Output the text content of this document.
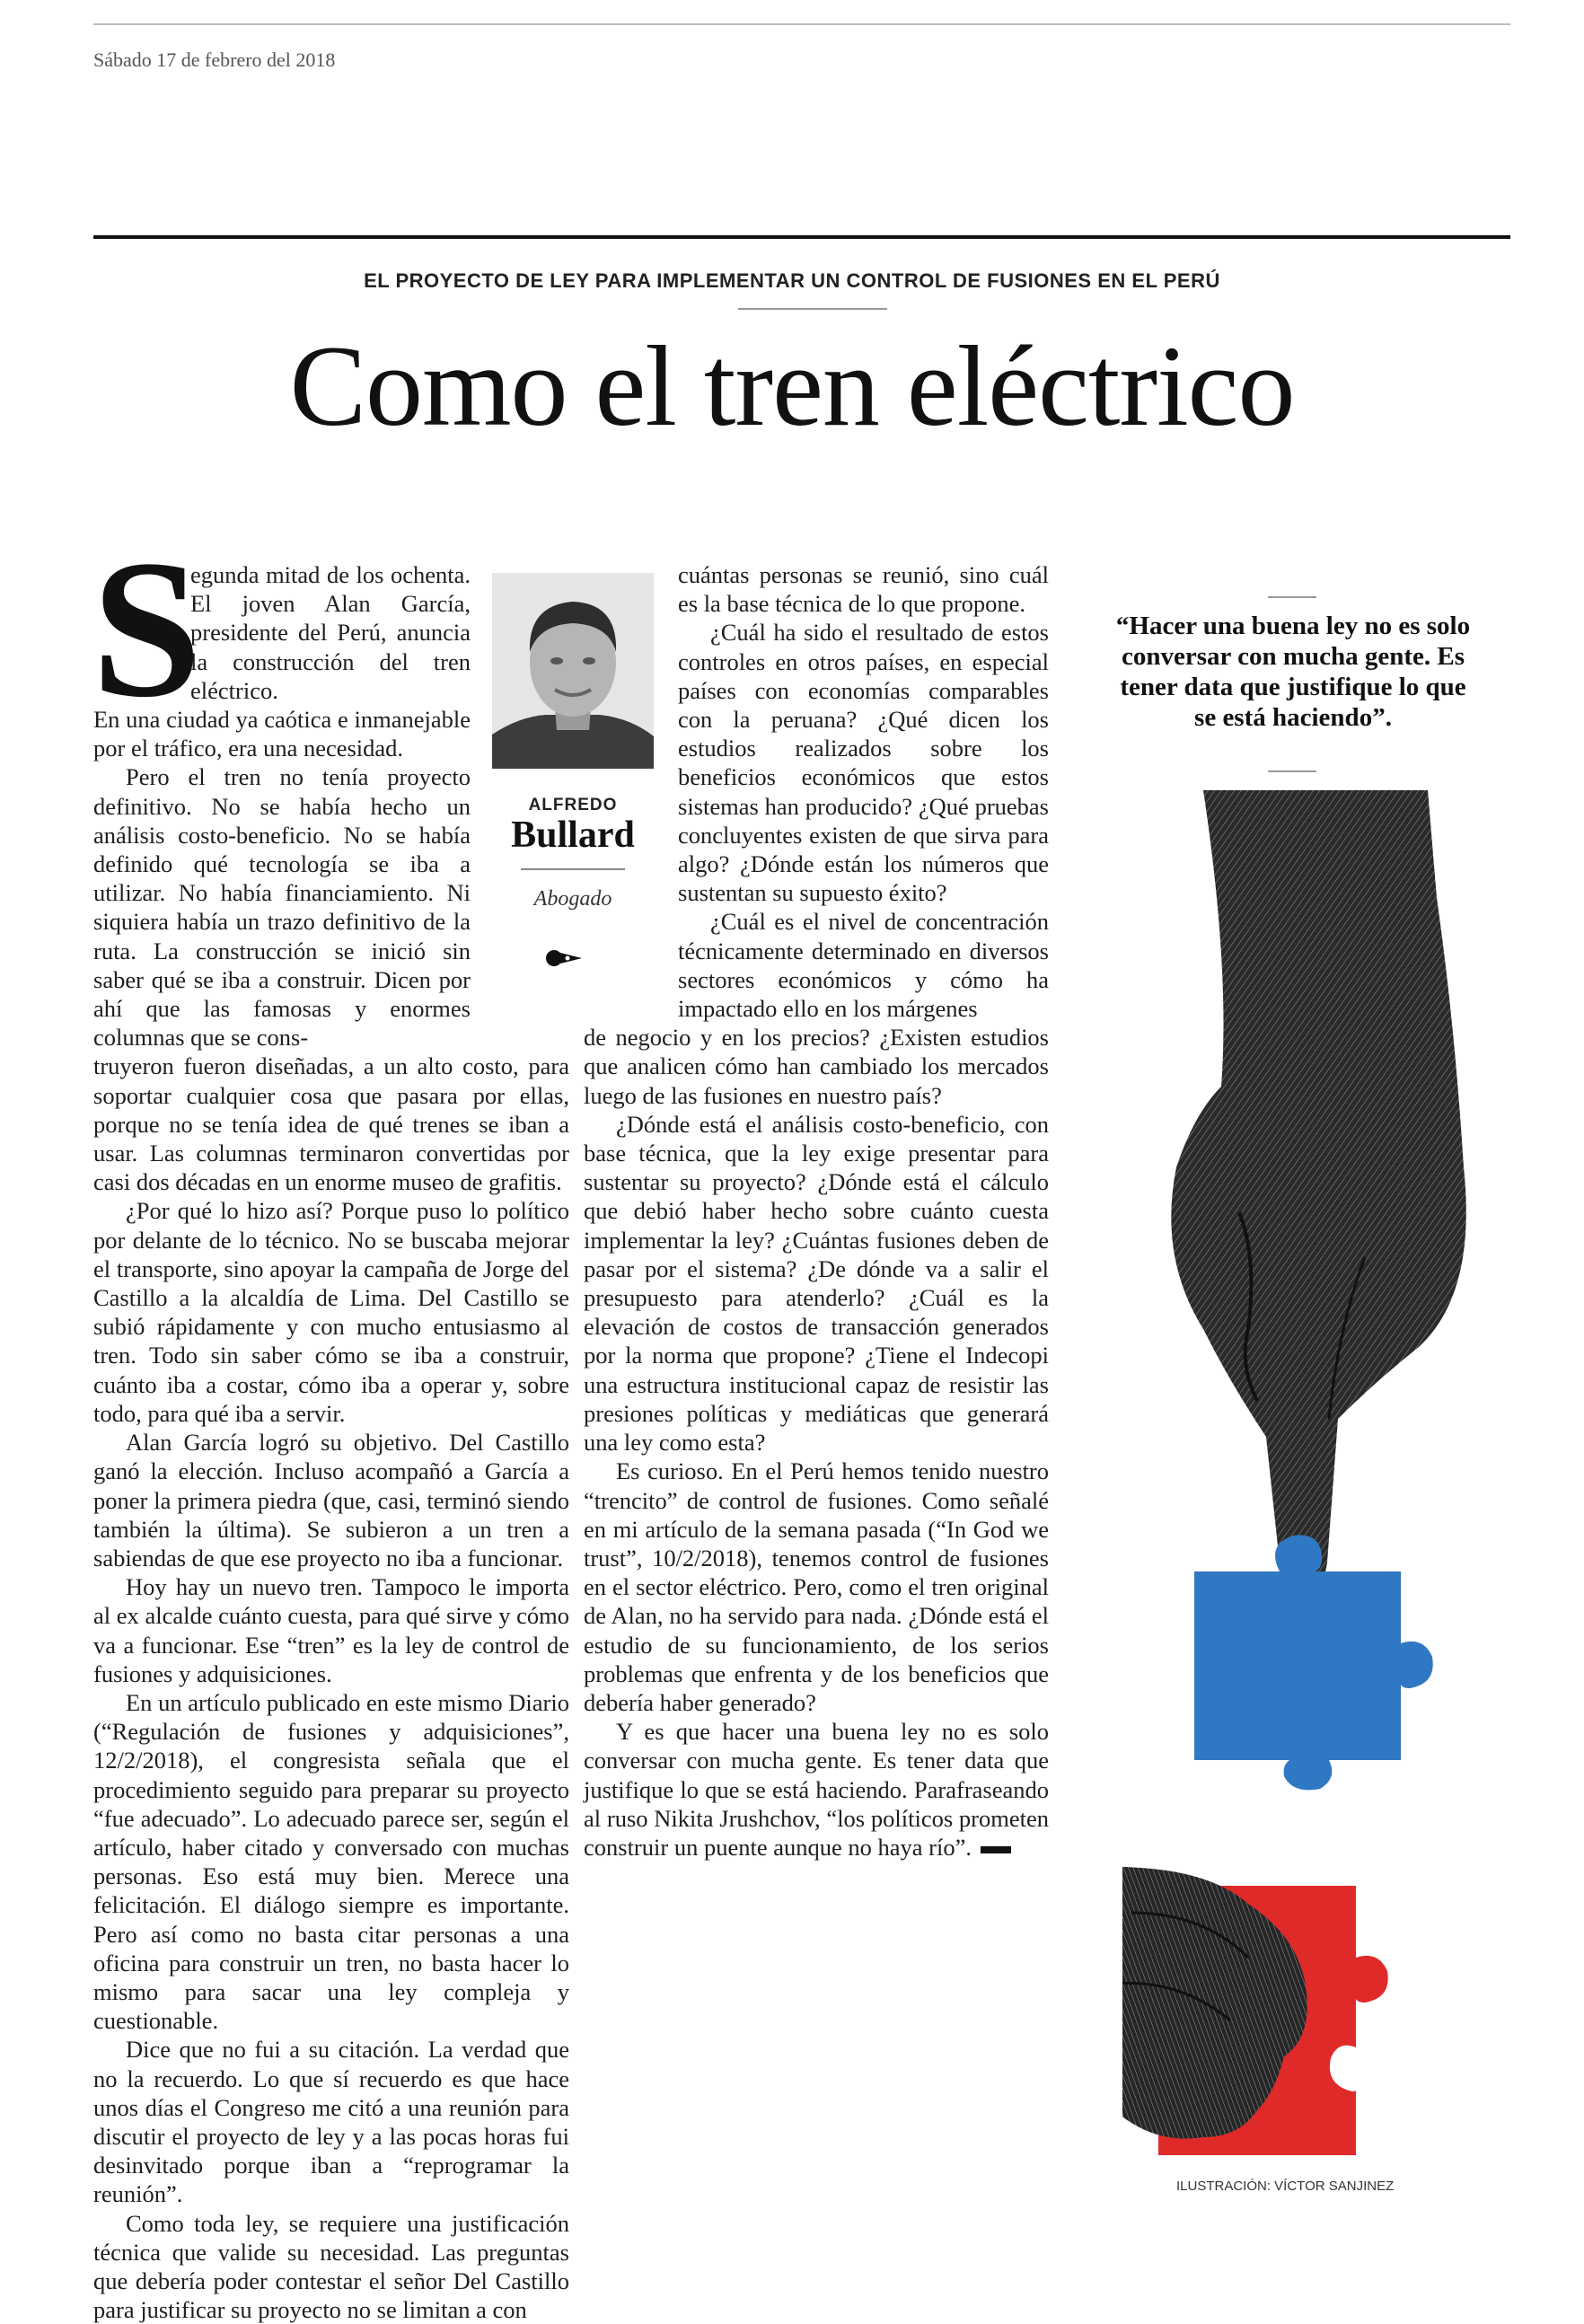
Sábado 17 de febrero del 2018
EL PROYECTO DE LEY PARA IMPLEMENTAR UN CONTROL DE FUSIONES EN EL PERÚ
Como el tren eléctrico
S

egunda mitad de los ochenta. El joven Alan García, presidente del Perú, anuncia la construcción del tren eléctrico.

En una ciudad ya caótica e inmanejable por el tráfico, era una necesidad.

Pero el tren no tenía proyecto definitivo. No se había hecho un análisis costo-beneficio. No se había definido qué tecnología se iba a utilizar. No había financiamiento. Ni siquiera había un trazo definitivo de la ruta. La construcción se inició sin saber qué se iba a construir. Dicen por ahí que las famosas y enormes columnas que se cons-

truyeron fueron diseñadas, a un alto costo, para soportar cualquier cosa que pasara por ellas, porque no se tenía idea de qué trenes se iban a usar. Las columnas terminaron convertidas por casi dos décadas en un enorme museo de grafitis.

¿Por qué lo hizo así? Porque puso lo político por delante de lo técnico. No se buscaba mejorar el transporte, sino apoyar la campaña de Jorge del Castillo a la alcaldía de Lima. Del Castillo se subió rápidamente y con mucho entusiasmo al tren. Todo sin saber cómo se iba a construir, cuánto iba a costar, cómo iba a operar y, sobre todo, para qué iba a servir.

Alan García logró su objetivo. Del Castillo ganó la elección. Incluso acompañó a García a poner la primera piedra (que, casi, terminó siendo también la última). Se subieron a un tren a sabiendas de que ese proyecto no iba a funcionar.

Hoy hay un nuevo tren. Tampoco le importa al ex alcalde cuánto cuesta, para qué sirve y cómo va a funcionar. Ese “tren” es la ley de control de fusiones y adquisiciones.

En un artículo publicado en este mismo Diario (“Regulación de fusiones y adquisiciones”, 12/2/2018), el congresista señala que el procedimiento seguido para preparar su proyecto “fue adecuado”. Lo adecuado parece ser, según el artículo, haber citado y conversado con muchas personas. Eso está muy bien. Merece una felicitación. El diálogo siempre es importante. Pero así como no basta citar personas a una oficina para construir un tren, no basta hacer lo mismo para sacar una ley compleja y cuestionable.

Dice que no fui a su citación. La verdad que no la recuerdo. Lo que sí recuerdo es que hace unos días el Congreso me citó a una reunión para discutir el proyecto de ley y a las pocas horas fui desinvitado porque iban a “reprogramar la reunión”.

Como toda ley, se requiere una justificación técnica que valide su necesidad. Las preguntas que debería poder contestar el señor Del Castillo para justificar su proyecto no se limitan a con

ALFREDO
Bullard
Abogado

cuántas personas se reunió, sino cuál es la base técnica de lo que propone.

¿Cuál ha sido el resultado de estos controles en otros países, en especial países con economías comparables con la peruana? ¿Qué dicen los estudios realizados sobre los beneficios económicos que estos sistemas han producido? ¿Qué pruebas concluyentes existen de que sirva para algo? ¿Dónde están los números que sustentan su supuesto éxito?

¿Cuál es el nivel de concentración técnicamente determinado en diversos sectores económicos y cómo ha impactado ello en los márgenes

de negocio y en los precios? ¿Existen estudios que analicen cómo han cambiado los mercados luego de las fusiones en nuestro país?

¿Dónde está el análisis costo-beneficio, con base técnica, que la ley exige presentar para sustentar su proyecto? ¿Dónde está el cálculo que debió haber hecho sobre cuánto cuesta implementar la ley? ¿Cuántas fusiones deben de pasar por el sistema? ¿De dónde va a salir el presupuesto para atenderlo? ¿Cuál es la elevación de costos de transacción generados por la norma que propone? ¿Tiene el Indecopi una estructura institucional capaz de resistir las presiones políticas y mediáticas que generará una ley como esta?

Es curioso. En el Perú hemos tenido nuestro “trencito” de control de fusiones. Como señalé en mi artículo de la semana pasada (“In God we trust”, 10/2/2018), tenemos control de fusiones en el sector eléctrico. Pero, como el tren original de Alan, no ha servido para nada. ¿Dónde está el estudio de su funcionamiento, de los serios problemas que enfrenta y de los beneficios que debería haber generado?

Y es que hacer una buena ley no es solo conversar con mucha gente. Es tener data que justifique lo que se está haciendo. Parafraseando al ruso Nikita Jrushchov, “los políticos prometen construir un puente aunque no haya río”.

“Hacer una buena ley no es solo conversar con mucha gente. Es tener data que justifique lo que se está haciendo”.
ILUSTRACIÓN: VÍCTOR SANJINEZ
